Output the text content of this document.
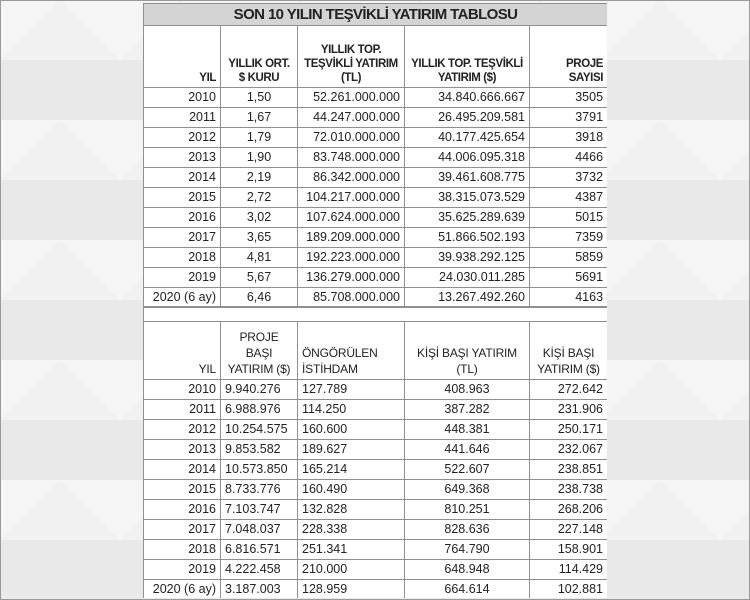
SON 10 YILIN TEŞVİKLİ YATIRIM TABLOSU				
YIL	YILLIK ORT. $ KURU	YILLIK TOP. TEŞVİKLİ YATIRIM (TL)	YILLIK TOP. TEŞVİKLİ YATIRIM ($)	PROJE SAYISI
2010	1,50	52.261.000.000	34.840.666.667	3505
2011	1,67	44.247.000.000	26.495.209.581	3791
2012	1,79	72.010.000.000	40.177.425.654	3918
2013	1,90	83.748.000.000	44.006.095.318	4466
2014	2,19	86.342.000.000	39.461.608.775	3732
2015	2,72	104.217.000.000	38.315.073.529	4387
2016	3,02	107.624.000.000	35.625.289.639	5015
2017	3,65	189.209.000.000	51.866.502.193	7359
2018	4,81	192.223.000.000	39.938.292.125	5859
2019	5,67	136.279.000.000	24.030.011.285	5691
2020 (6 ay)	6,46	85.708.000.000	13.267.492.260	4163

YIL	PROJE BAŞI YATIRIM ($)	ÖNGÖRÜLEN İSTİHDAM	KİŞİ BAŞI YATIRIM (TL)	KİŞİ BAŞI YATIRIM ($)
2010	9.940.276	127.789	408.963	272.642
2011	6.988.976	114.250	387.282	231.906
2012	10.254.575	160.600	448.381	250.171
2013	9.853.582	189.627	441.646	232.067
2014	10.573.850	165.214	522.607	238.851
2015	8.733.776	160.490	649.368	238.738
2016	7.103.747	132.828	810.251	268.206
2017	7.048.037	228.338	828.636	227.148
2018	6.816.571	251.341	764.790	158.901
2019	4.222.458	210.000	648.948	114.429
2020 (6 ay)	3.187.003	128.959	664.614	102.881
